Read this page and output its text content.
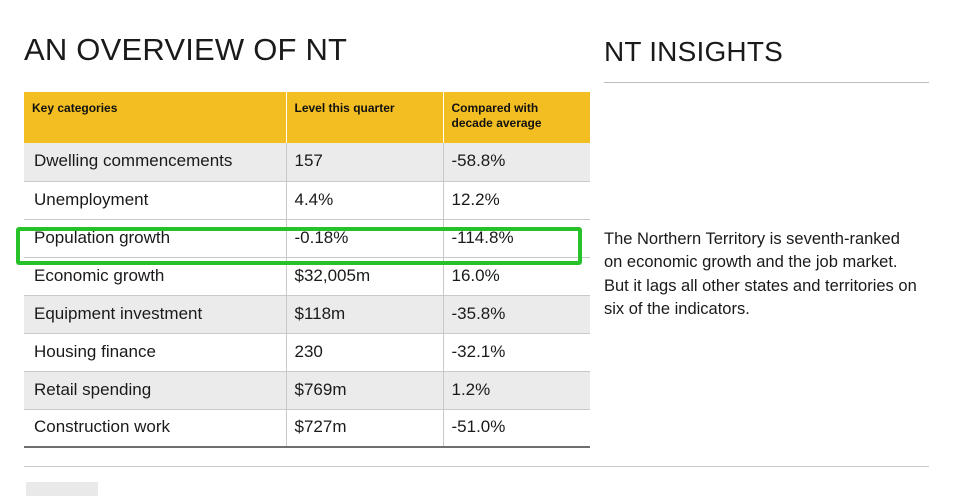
AN OVERVIEW OF NT	NT INSIGHTS
Key categories	Level this quarter	Compared with decade average
Dwelling commencements	157	-58.8%
Unemployment	4.4%	12.2%
Population growth	-0.18%	-114.8%
Economic growth	$32,005m	16.0%
Equipment investment	$118m	-35.8%
Housing finance	230	-32.1%
Retail spending	$769m	1.2%
Construction work	$727m	-51.0%
The Northern Territory is seventh-ranked on economic growth and the job market. But it lags all other states and territories on six of the indicators.
